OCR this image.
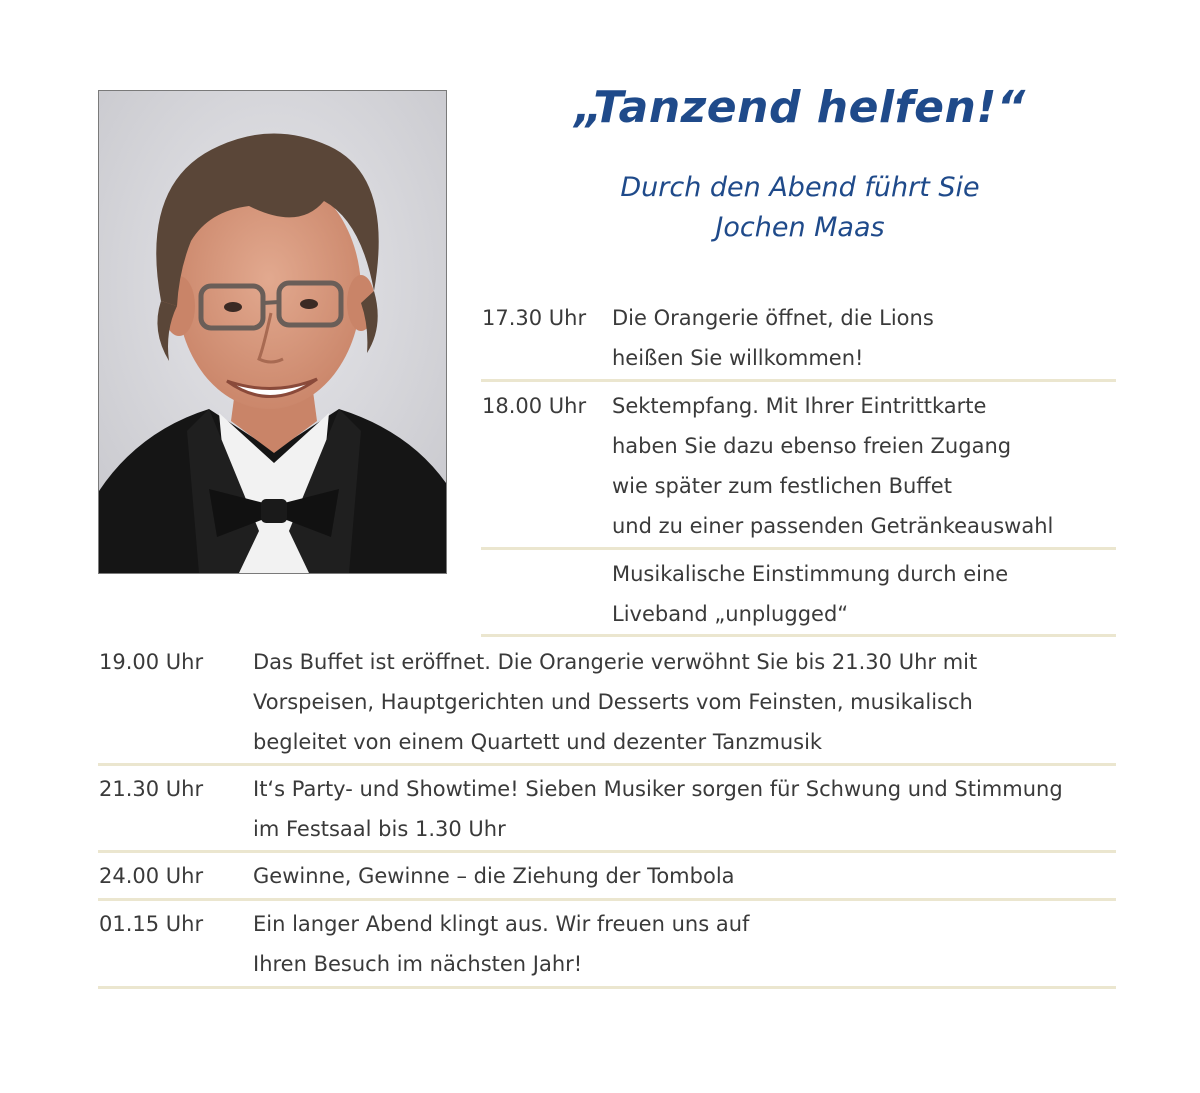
„Tanzend helfen!“

Durch den Abend führt Sie

Jochen Maas

17.30 Uhr Die Orangerie öffnet, die Lions
heißen Sie willkommen!
18.00 Uhr Sektempfang. Mit Ihrer Eintrittkarte
haben Sie dazu ebenso freien Zugang
wie später zum festlichen Buffet
und zu einer passenden Getränkeauswahl
Musikalische Einstimmung durch eine
Liveband „unplugged“
19.00 Uhr Das Buffet ist eröffnet. Die Orangerie verwöhnt Sie bis 21.30 Uhr mit
Vorspeisen, Hauptgerichten und Desserts vom Feinsten, musikalisch
begleitet von einem Quartett und dezenter Tanzmusik
21.30 Uhr It‘s Party- und Showtime! Sieben Musiker sorgen für Schwung und Stimmung
im Festsaal bis 1.30 Uhr
24.00 Uhr Gewinne, Gewinne – die Ziehung der Tombola
01.15 Uhr Ein langer Abend klingt aus. Wir freuen uns auf
Ihren Besuch im nächsten Jahr!
